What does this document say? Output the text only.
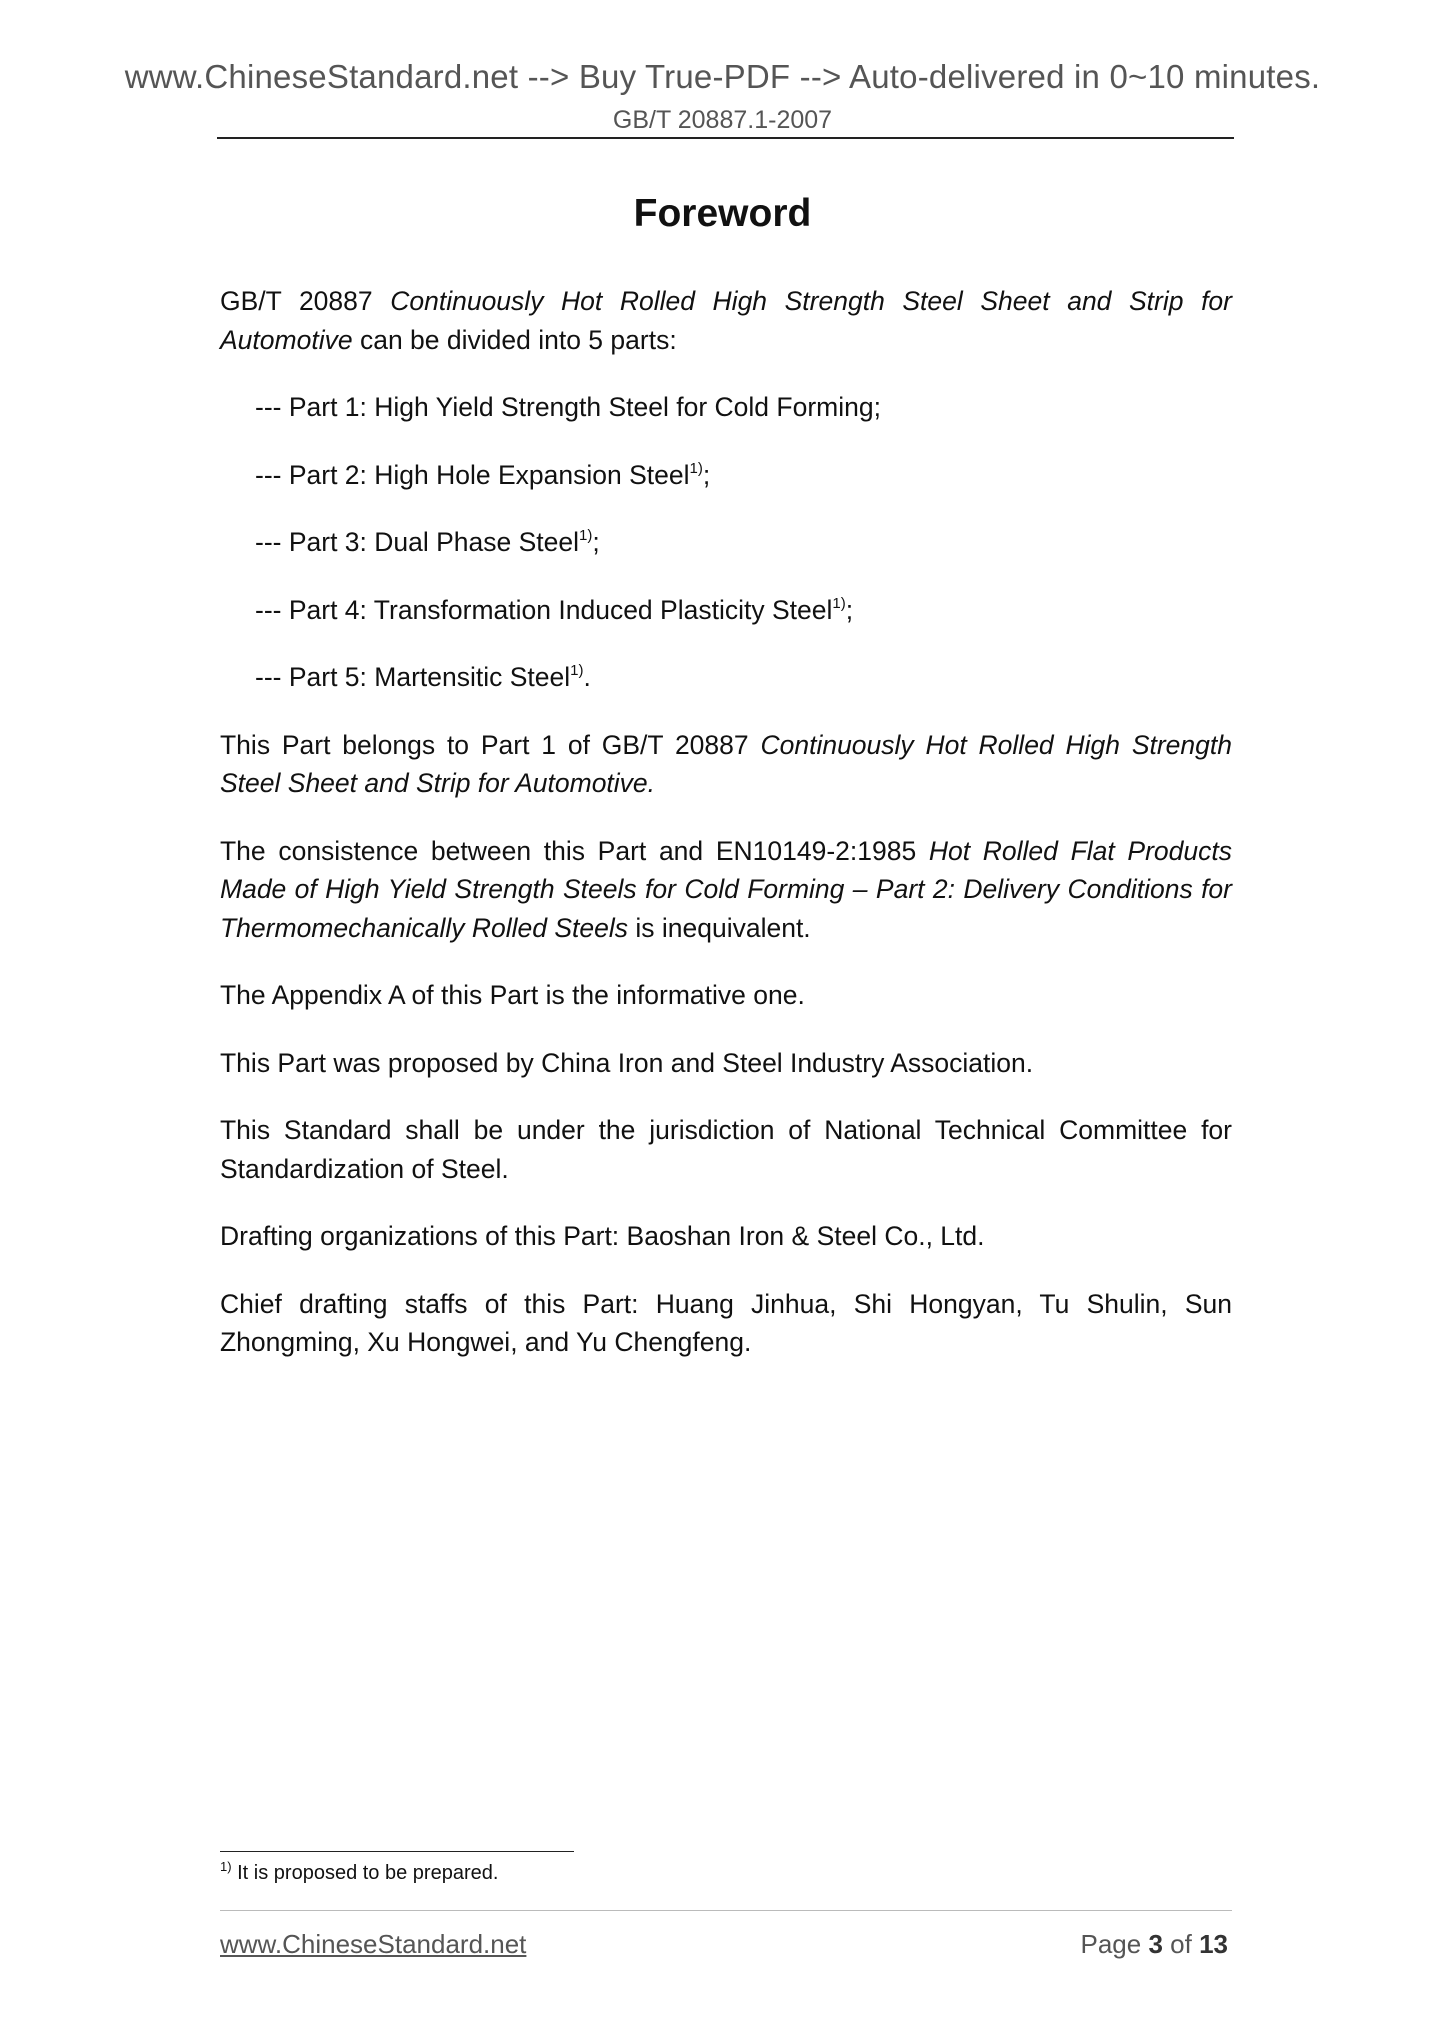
www.ChineseStandard.net --> Buy True-PDF --> Auto-delivered in 0~10 minutes.
GB/T 20887.1-2007
Foreword

GB/T 20887 Continuously Hot Rolled High Strength Steel Sheet and Strip for Automotive can be divided into 5 parts:

--- Part 1: High Yield Strength Steel for Cold Forming;

--- Part 2: High Hole Expansion Steel$^{1)}$;

--- Part 3: Dual Phase Steel$^{1)}$;

--- Part 4: Transformation Induced Plasticity Steel$^{1)}$;

--- Part 5: Martensitic Steel$^{1)}$.

This Part belongs to Part 1 of GB/T 20887 Continuously Hot Rolled High Strength Steel Sheet and Strip for Automotive.

The consistence between this Part and EN10149-2:1985 Hot Rolled Flat Products Made of High Yield Strength Steels for Cold Forming – Part 2: Delivery Conditions for Thermomechanically Rolled Steels is inequivalent.

The Appendix A of this Part is the informative one.

This Part was proposed by China Iron and Steel Industry Association.

This Standard shall be under the jurisdiction of National Technical Committee for Standardization of Steel.

Drafting organizations of this Part: Baoshan Iron & Steel Co., Ltd.

Chief drafting staffs of this Part: Huang Jinhua, Shi Hongyan, Tu Shulin, Sun Zhongming, Xu Hongwei, and Yu Chengfeng.

$^{1)}$ It is proposed to be prepared.
www.ChineseStandard.net	Page 3 of 13
